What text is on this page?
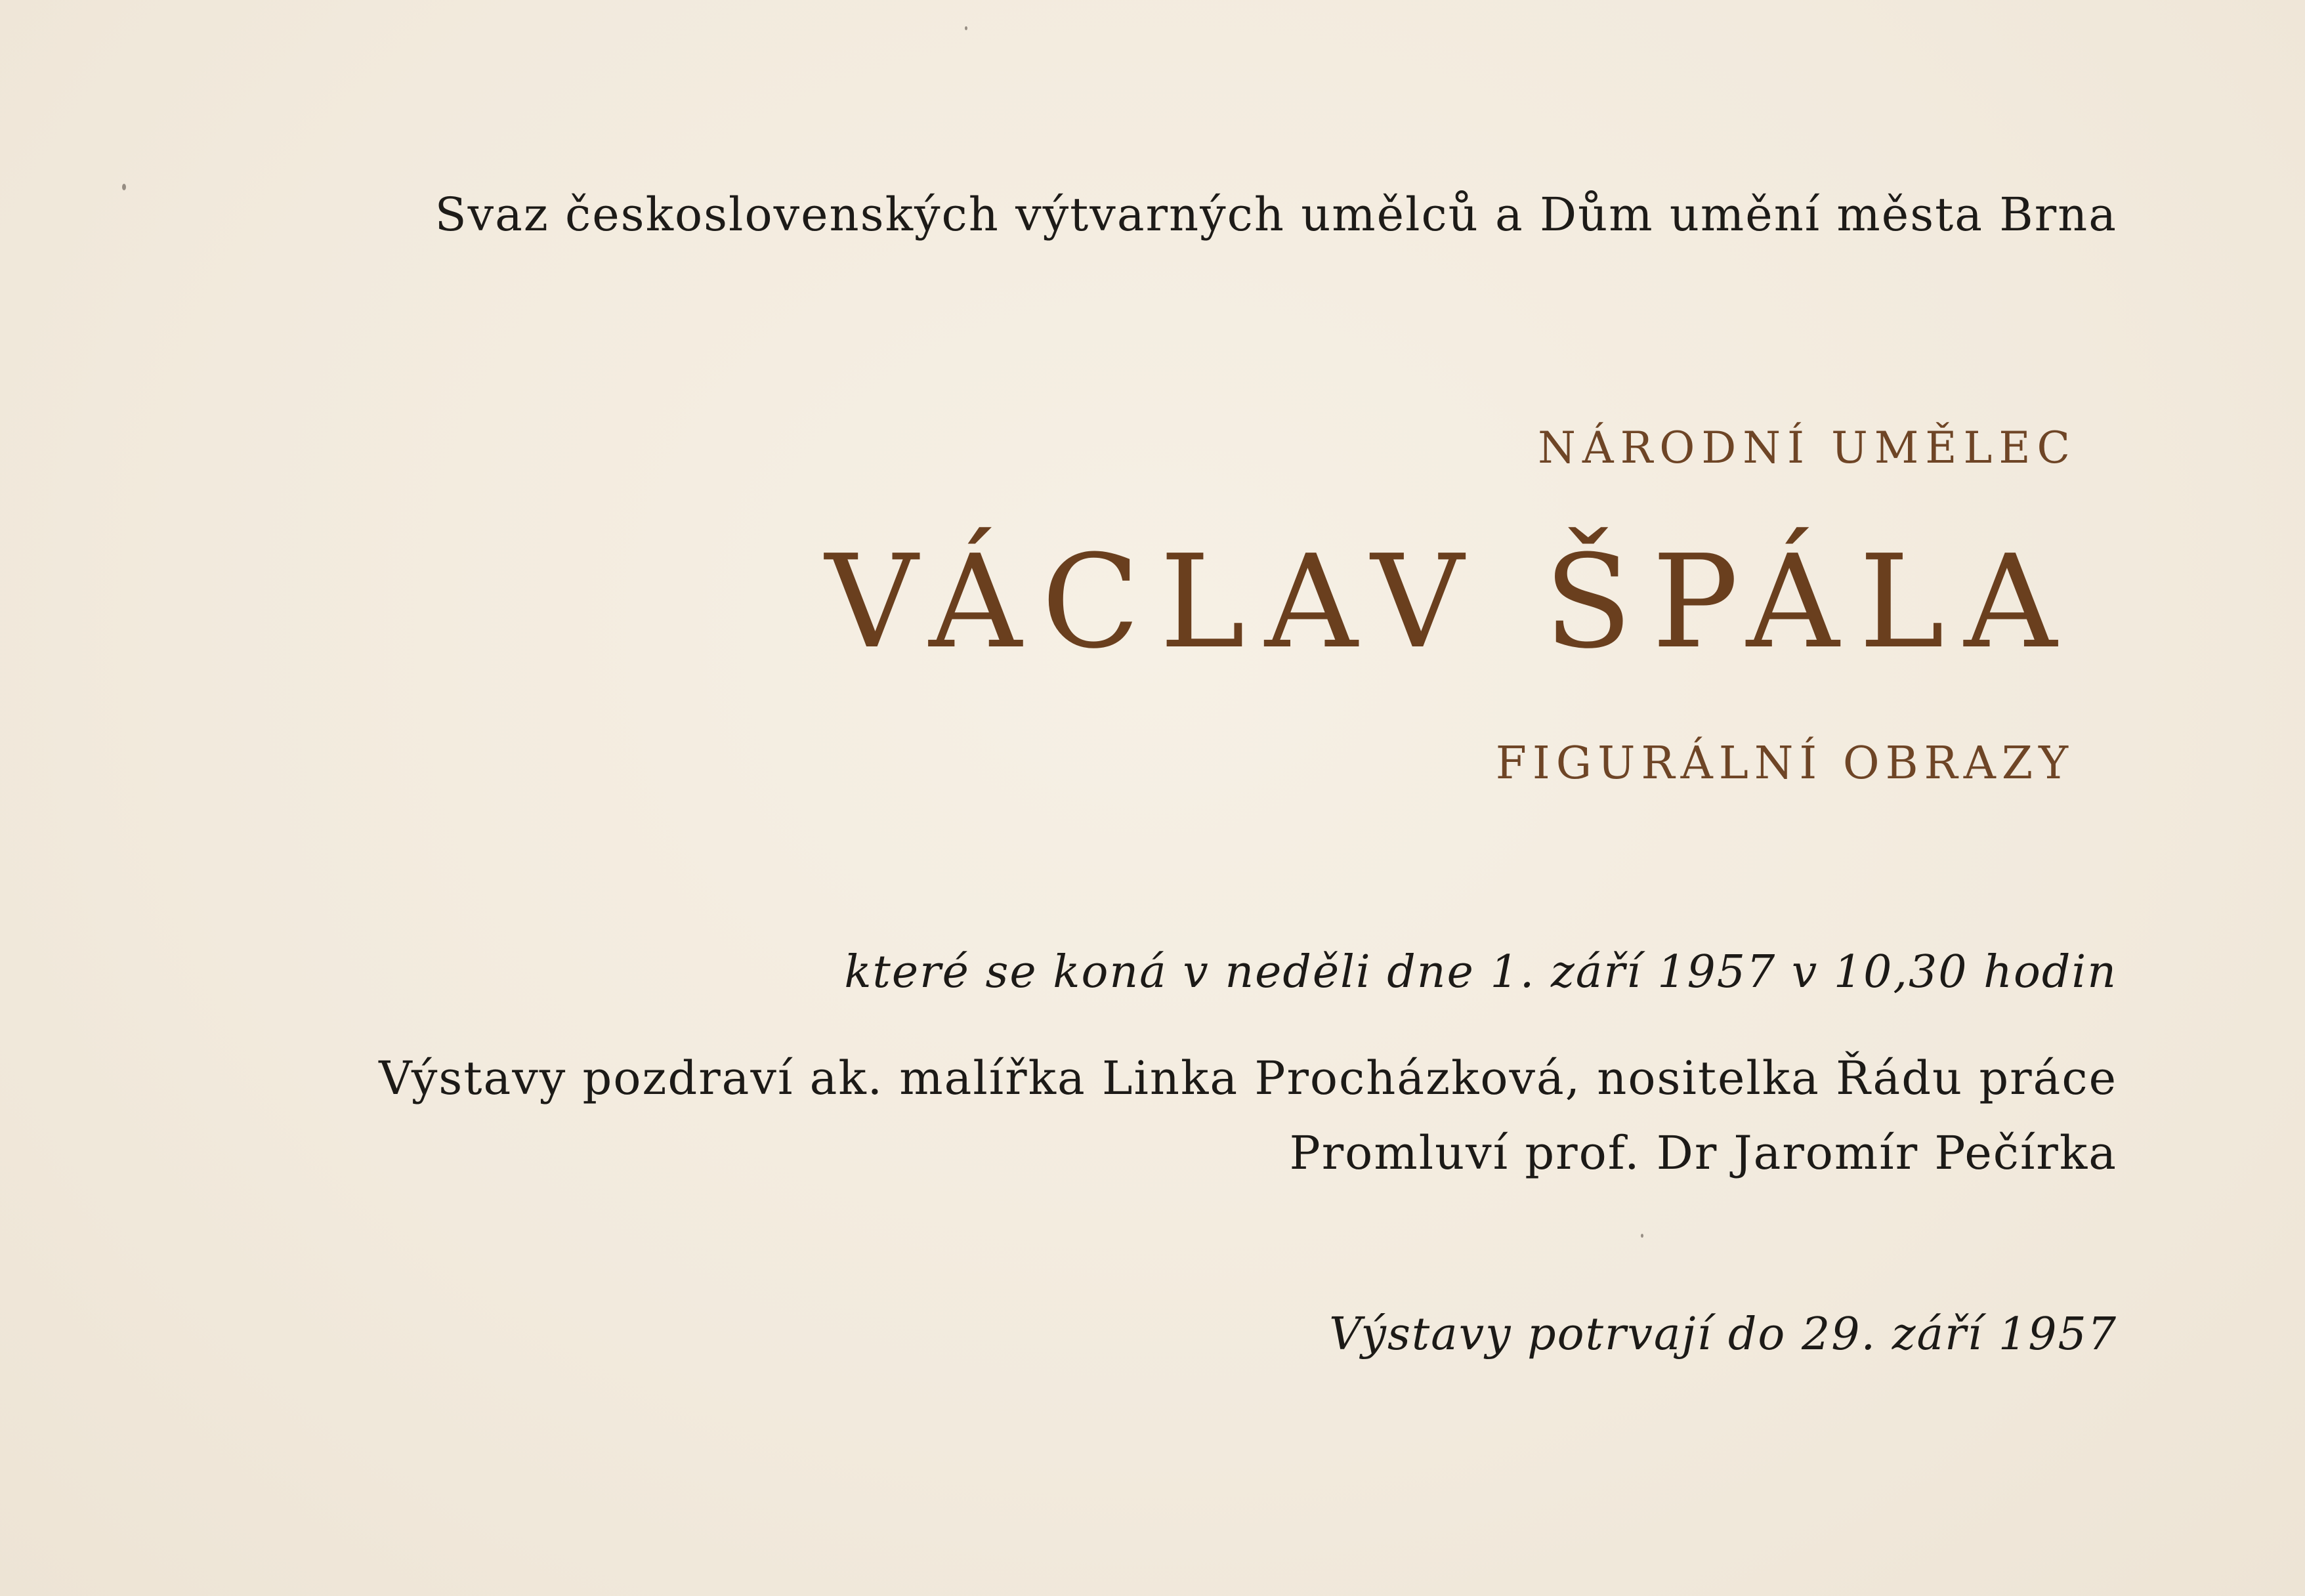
Svaz československých výtvarných umělců a Dům umění města Brna
NÁRODNÍ UMĚLEC
VÁCLAV ŠPÁLA
FIGURÁLNÍ OBRAZY
které se koná v neděli dne 1. září 1957 v 10,30 hodin
Výstavy pozdraví ak. malířka Linka Procházková, nositelka Řádu práce
Promluví prof. Dr Jaromír Pečírka
Výstavy potrvají do 29. září 1957
